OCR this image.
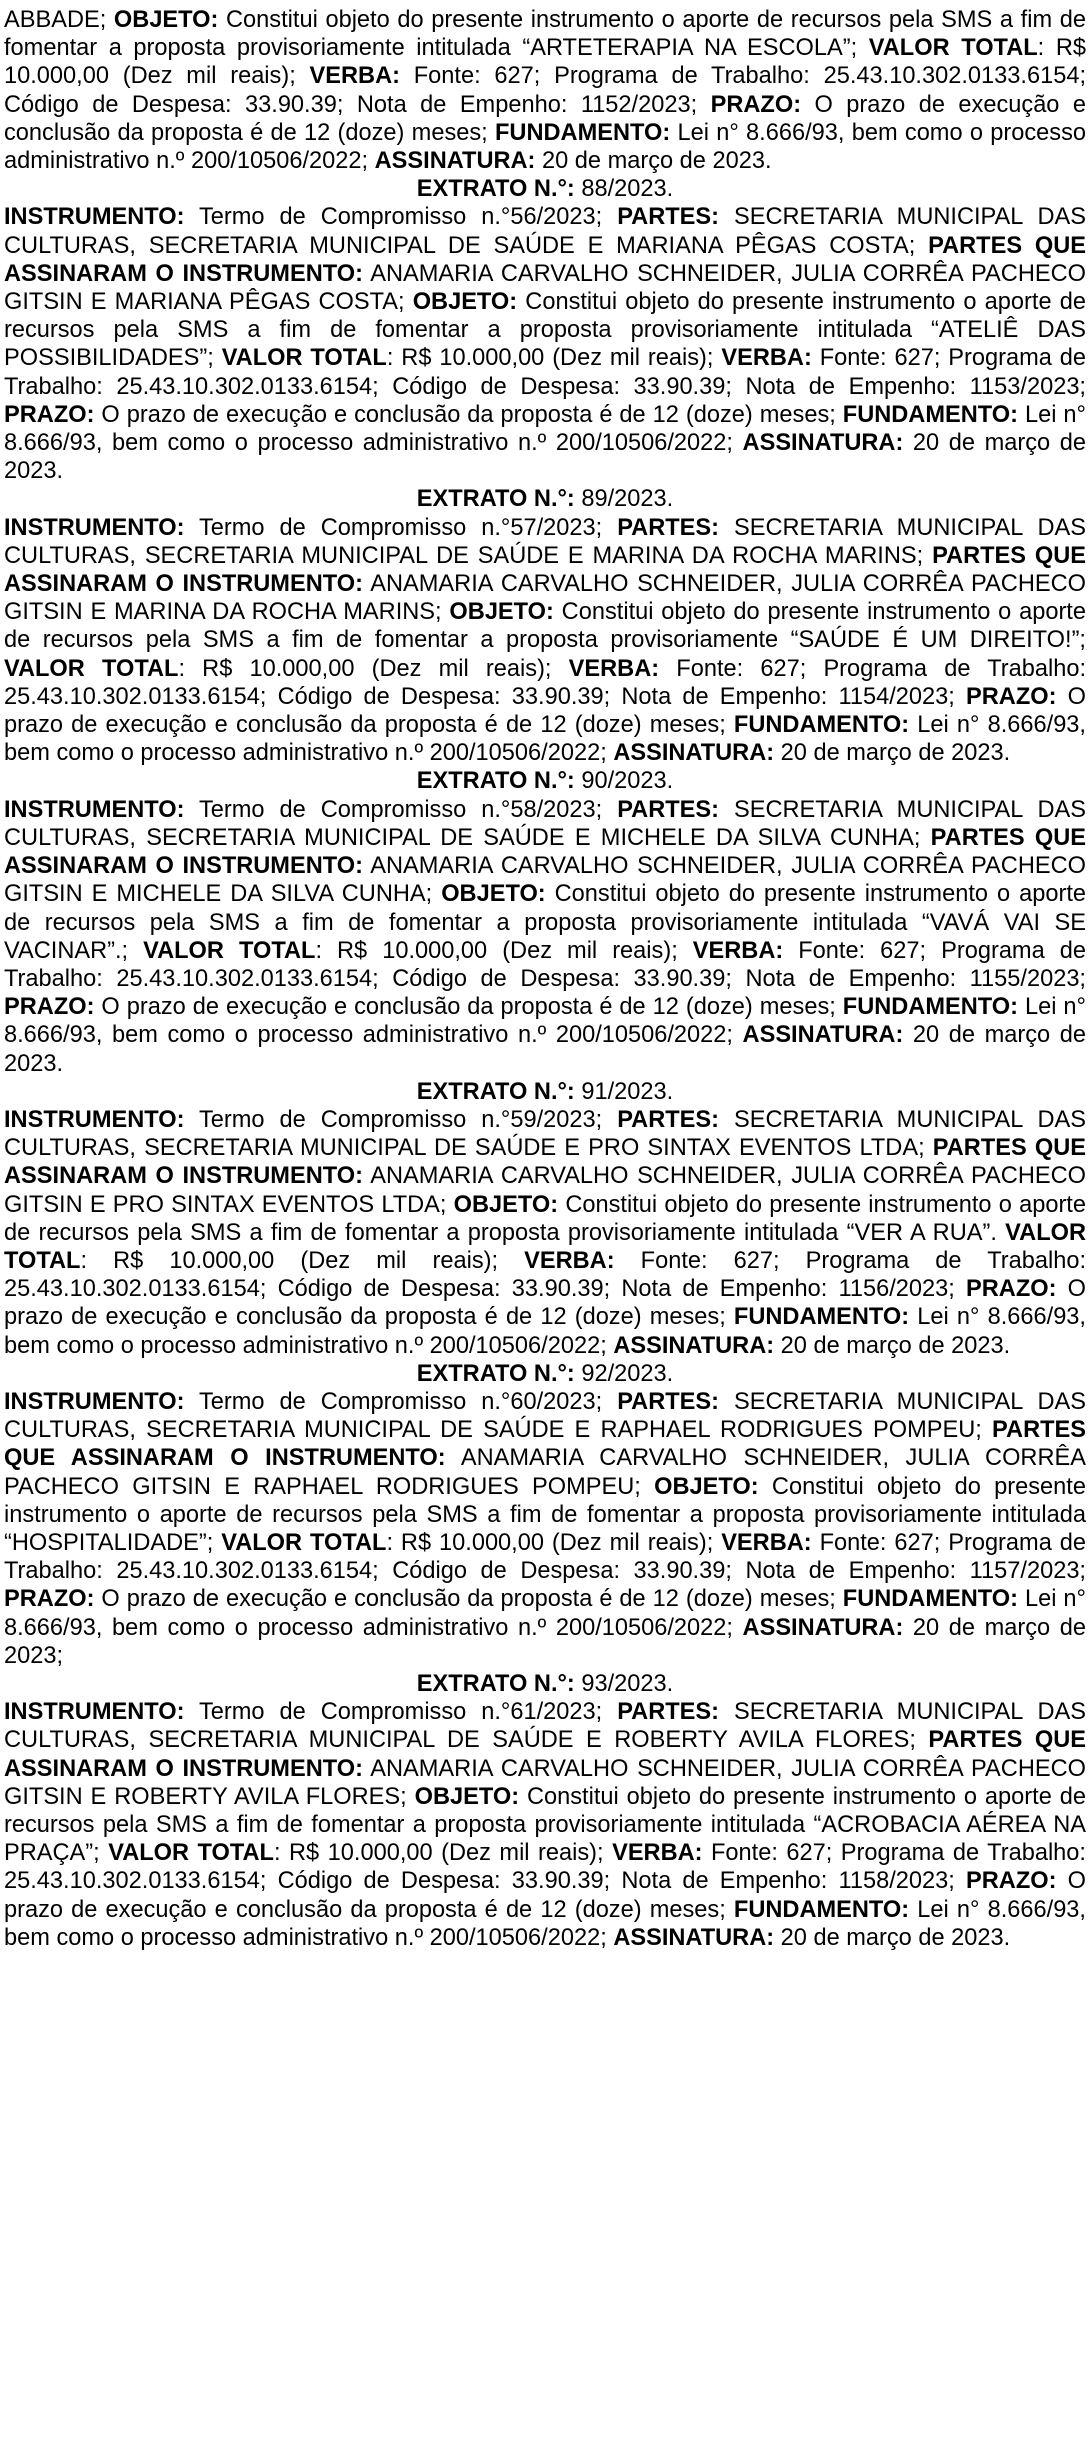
ABBADE; OBJETO: Constitui objeto do presente instrumento o aporte de recursos pela SMS a fim de fomentar a proposta provisoriamente intitulada “ARTETERAPIA NA ESCOLA”; VALOR TOTAL: R$ 10.000,00 (Dez mil reais); VERBA: Fonte: 627; Programa de Trabalho: 25.43.10.302.0133.6154; Código de Despesa: 33.90.39; Nota de Empenho: 1152/2023; PRAZO: O prazo de execução e conclusão da proposta é de 12 (doze) meses; FUNDAMENTO: Lei n° 8.666/93, bem como o processo administrativo n.º 200/10506/2022; ASSINATURA: 20 de março de 2023.

EXTRATO N.°: 88/2023.

INSTRUMENTO: Termo de Compromisso n.°56/2023; PARTES: SECRETARIA MUNICIPAL DAS CULTURAS, SECRETARIA MUNICIPAL DE SAÚDE E MARIANA PÊGAS COSTA; PARTES QUE ASSINARAM O INSTRUMENTO: ANAMARIA CARVALHO SCHNEIDER, JULIA CORRÊA PACHECO GITSIN E MARIANA PÊGAS COSTA; OBJETO: Constitui objeto do presente instrumento o aporte de recursos pela SMS a fim de fomentar a proposta provisoriamente intitulada “ATELIÊ DAS POSSIBILIDADES”; VALOR TOTAL: R$ 10.000,00 (Dez mil reais); VERBA: Fonte: 627; Programa de Trabalho: 25.43.10.302.0133.6154; Código de Despesa: 33.90.39; Nota de Empenho: 1153/2023; PRAZO: O prazo de execução e conclusão da proposta é de 12 (doze) meses; FUNDAMENTO: Lei n° 8.666/93, bem como o processo administrativo n.º 200/10506/2022; ASSINATURA: 20 de março de 2023.

EXTRATO N.°: 89/2023.

INSTRUMENTO: Termo de Compromisso n.°57/2023; PARTES: SECRETARIA MUNICIPAL DAS CULTURAS, SECRETARIA MUNICIPAL DE SAÚDE E MARINA DA ROCHA MARINS; PARTES QUE ASSINARAM O INSTRUMENTO: ANAMARIA CARVALHO SCHNEIDER, JULIA CORRÊA PACHECO GITSIN E MARINA DA ROCHA MARINS; OBJETO: Constitui objeto do presente instrumento o aporte de recursos pela SMS a fim de fomentar a proposta provisoriamente “SAÚDE É UM DIREITO!”; VALOR TOTAL: R$ 10.000,00 (Dez mil reais); VERBA: Fonte: 627; Programa de Trabalho: 25.43.10.302.0133.6154; Código de Despesa: 33.90.39; Nota de Empenho: 1154/2023; PRAZO: O prazo de execução e conclusão da proposta é de 12 (doze) meses; FUNDAMENTO: Lei n° 8.666/93, bem como o processo administrativo n.º 200/10506/2022; ASSINATURA: 20 de março de 2023.

EXTRATO N.°: 90/2023.

INSTRUMENTO: Termo de Compromisso n.°58/2023; PARTES: SECRETARIA MUNICIPAL DAS CULTURAS, SECRETARIA MUNICIPAL DE SAÚDE E MICHELE DA SILVA CUNHA; PARTES QUE ASSINARAM O INSTRUMENTO: ANAMARIA CARVALHO SCHNEIDER, JULIA CORRÊA PACHECO GITSIN E MICHELE DA SILVA CUNHA; OBJETO: Constitui objeto do presente instrumento o aporte de recursos pela SMS a fim de fomentar a proposta provisoriamente intitulada “VAVÁ VAI SE VACINAR”.; VALOR TOTAL: R$ 10.000,00 (Dez mil reais); VERBA: Fonte: 627; Programa de Trabalho: 25.43.10.302.0133.6154; Código de Despesa: 33.90.39; Nota de Empenho: 1155/2023; PRAZO: O prazo de execução e conclusão da proposta é de 12 (doze) meses; FUNDAMENTO: Lei n° 8.666/93, bem como o processo administrativo n.º 200/10506/2022; ASSINATURA: 20 de março de 2023.

EXTRATO N.°: 91/2023.

INSTRUMENTO: Termo de Compromisso n.°59/2023; PARTES: SECRETARIA MUNICIPAL DAS CULTURAS, SECRETARIA MUNICIPAL DE SAÚDE E PRO SINTAX EVENTOS LTDA; PARTES QUE ASSINARAM O INSTRUMENTO: ANAMARIA CARVALHO SCHNEIDER, JULIA CORRÊA PACHECO GITSIN E PRO SINTAX EVENTOS LTDA; OBJETO: Constitui objeto do presente instrumento o aporte de recursos pela SMS a fim de fomentar a proposta provisoriamente intitulada “VER A RUA”. VALOR TOTAL: R$ 10.000,00 (Dez mil reais); VERBA: Fonte: 627; Programa de Trabalho: 25.43.10.302.0133.6154; Código de Despesa: 33.90.39; Nota de Empenho: 1156/2023; PRAZO: O prazo de execução e conclusão da proposta é de 12 (doze) meses; FUNDAMENTO: Lei n° 8.666/93, bem como o processo administrativo n.º 200/10506/2022; ASSINATURA: 20 de março de 2023.

EXTRATO N.°: 92/2023.

INSTRUMENTO: Termo de Compromisso n.°60/2023; PARTES: SECRETARIA MUNICIPAL DAS CULTURAS, SECRETARIA MUNICIPAL DE SAÚDE E RAPHAEL RODRIGUES POMPEU; PARTES QUE ASSINARAM O INSTRUMENTO: ANAMARIA CARVALHO SCHNEIDER, JULIA CORRÊA PACHECO GITSIN E RAPHAEL RODRIGUES POMPEU; OBJETO: Constitui objeto do presente instrumento o aporte de recursos pela SMS a fim de fomentar a proposta provisoriamente intitulada “HOSPITALIDADE”; VALOR TOTAL: R$ 10.000,00 (Dez mil reais); VERBA: Fonte: 627; Programa de Trabalho: 25.43.10.302.0133.6154; Código de Despesa: 33.90.39; Nota de Empenho: 1157/2023; PRAZO: O prazo de execução e conclusão da proposta é de 12 (doze) meses; FUNDAMENTO: Lei n° 8.666/93, bem como o processo administrativo n.º 200/10506/2022; ASSINATURA: 20 de março de 2023;

EXTRATO N.°: 93/2023.

INSTRUMENTO: Termo de Compromisso n.°61/2023; PARTES: SECRETARIA MUNICIPAL DAS CULTURAS, SECRETARIA MUNICIPAL DE SAÚDE E ROBERTY AVILA FLORES; PARTES QUE ASSINARAM O INSTRUMENTO: ANAMARIA CARVALHO SCHNEIDER, JULIA CORRÊA PACHECO GITSIN E ROBERTY AVILA FLORES; OBJETO: Constitui objeto do presente instrumento o aporte de recursos pela SMS a fim de fomentar a proposta provisoriamente intitulada “ACROBACIA AÉREA NA PRAÇA”; VALOR TOTAL: R$ 10.000,00 (Dez mil reais); VERBA: Fonte: 627; Programa de Trabalho: 25.43.10.302.0133.6154; Código de Despesa: 33.90.39; Nota de Empenho: 1158/2023; PRAZO: O prazo de execução e conclusão da proposta é de 12 (doze) meses; FUNDAMENTO: Lei n° 8.666/93, bem como o processo administrativo n.º 200/10506/2022; ASSINATURA: 20 de março de 2023.
